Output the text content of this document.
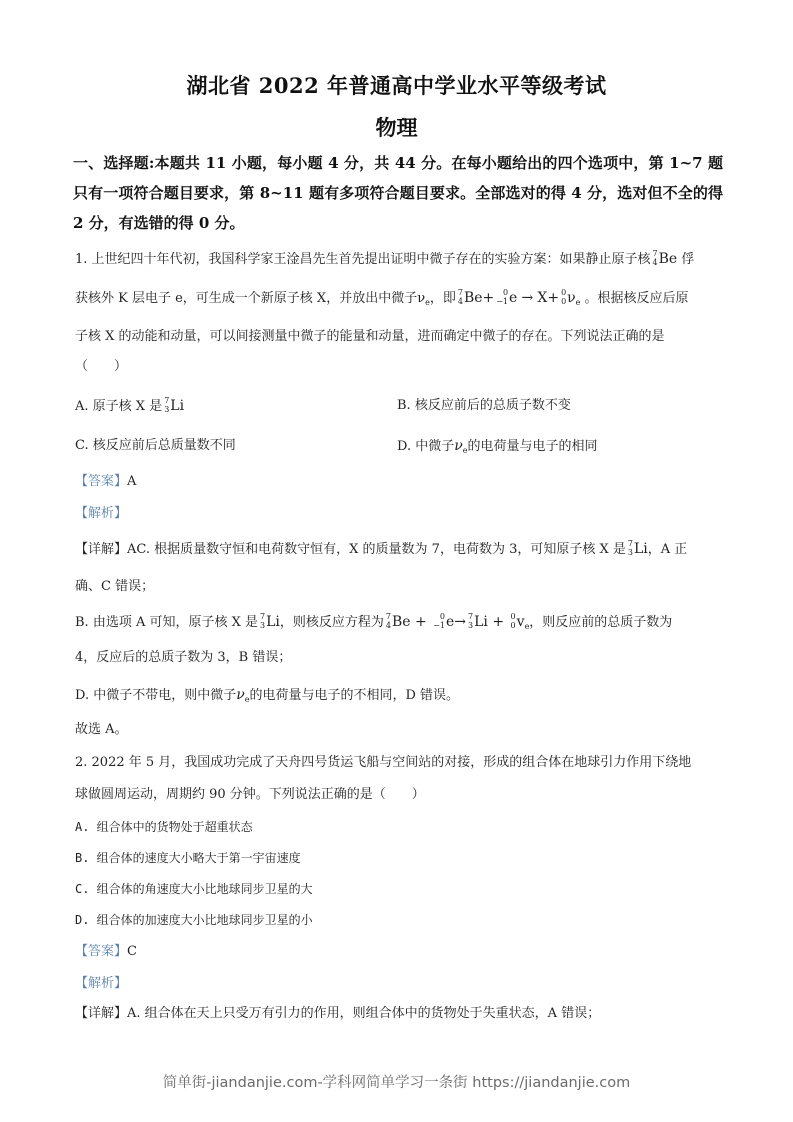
湖北省 2022 年普通高中学业水平等级考试
物理
一、选择题:本题共 11 小题，每小题 4 分，共 44 分。在每小题给出的四个选项中，第 1~7 题只有一项符合题目要求，第 8~11 题有多项符合题目要求。全部选对的得 4 分，选对但不全的得 2 分，有选错的得 0 分。
1. 上世纪四十年代初，我国科学家王淦昌先生首先提出证明中微子存在的实验方案：如果静止原子核 7
4 Be 俘
获核外 K 层电子 e，可生成一个新原子核 X，并放出中微子$\nu_e$，即 7
4 Be+	0
−1 e → X+ 0
0 $\nu_e$ 。根据核反应后原
子核 X 的动能和动量，可以间接测量中微子的能量和动量，进而确定中微子的存在。下列说法正确的是
（　　）
A. 原子核 X 是 7
3 Li	B. 核反应前后的总质子数不变
C. 核反应前后总质量数不同	D. 中微子$\nu_e$的电荷量与电子的相同
【答案】A
【解析】
【详解】AC. 根据质量数守恒和电荷数守恒有，X 的质量数为 7，电荷数为 3，可知原子核 X 是 7
3 Li，A 正
确、C 错误；
B. 由选项 A 可知，原子核 X 是 7
3 Li，则核反应方程为 7
4 Be +	0
−1 e→ 7
3 Li + 0
0 $v_e$，则反应前的总质子数为
4，反应后的总质子数为 3，B 错误；
D. 中微子不带电，则中微子$\nu_e$的电荷量与电子的不相同，D 错误。
故选 A。
2. 2022 年 5 月，我国成功完成了天舟四号货运飞船与空间站的对接，形成的组合体在地球引力作用下绕地
球做圆周运动，周期约 90 分钟。下列说法正确的是（　　）
A. 组合体中的货物处于超重状态
B. 组合体的速度大小略大于第一宇宙速度
C. 组合体的角速度大小比地球同步卫星的大
D. 组合体的加速度大小比地球同步卫星的小
【答案】C
【解析】
【详解】A. 组合体在天上只受万有引力的作用，则组合体中的货物处于失重状态，A 错误；
简单街-jiandanjie.com-学科网简单学习一条街 https://jiandanjie.com
